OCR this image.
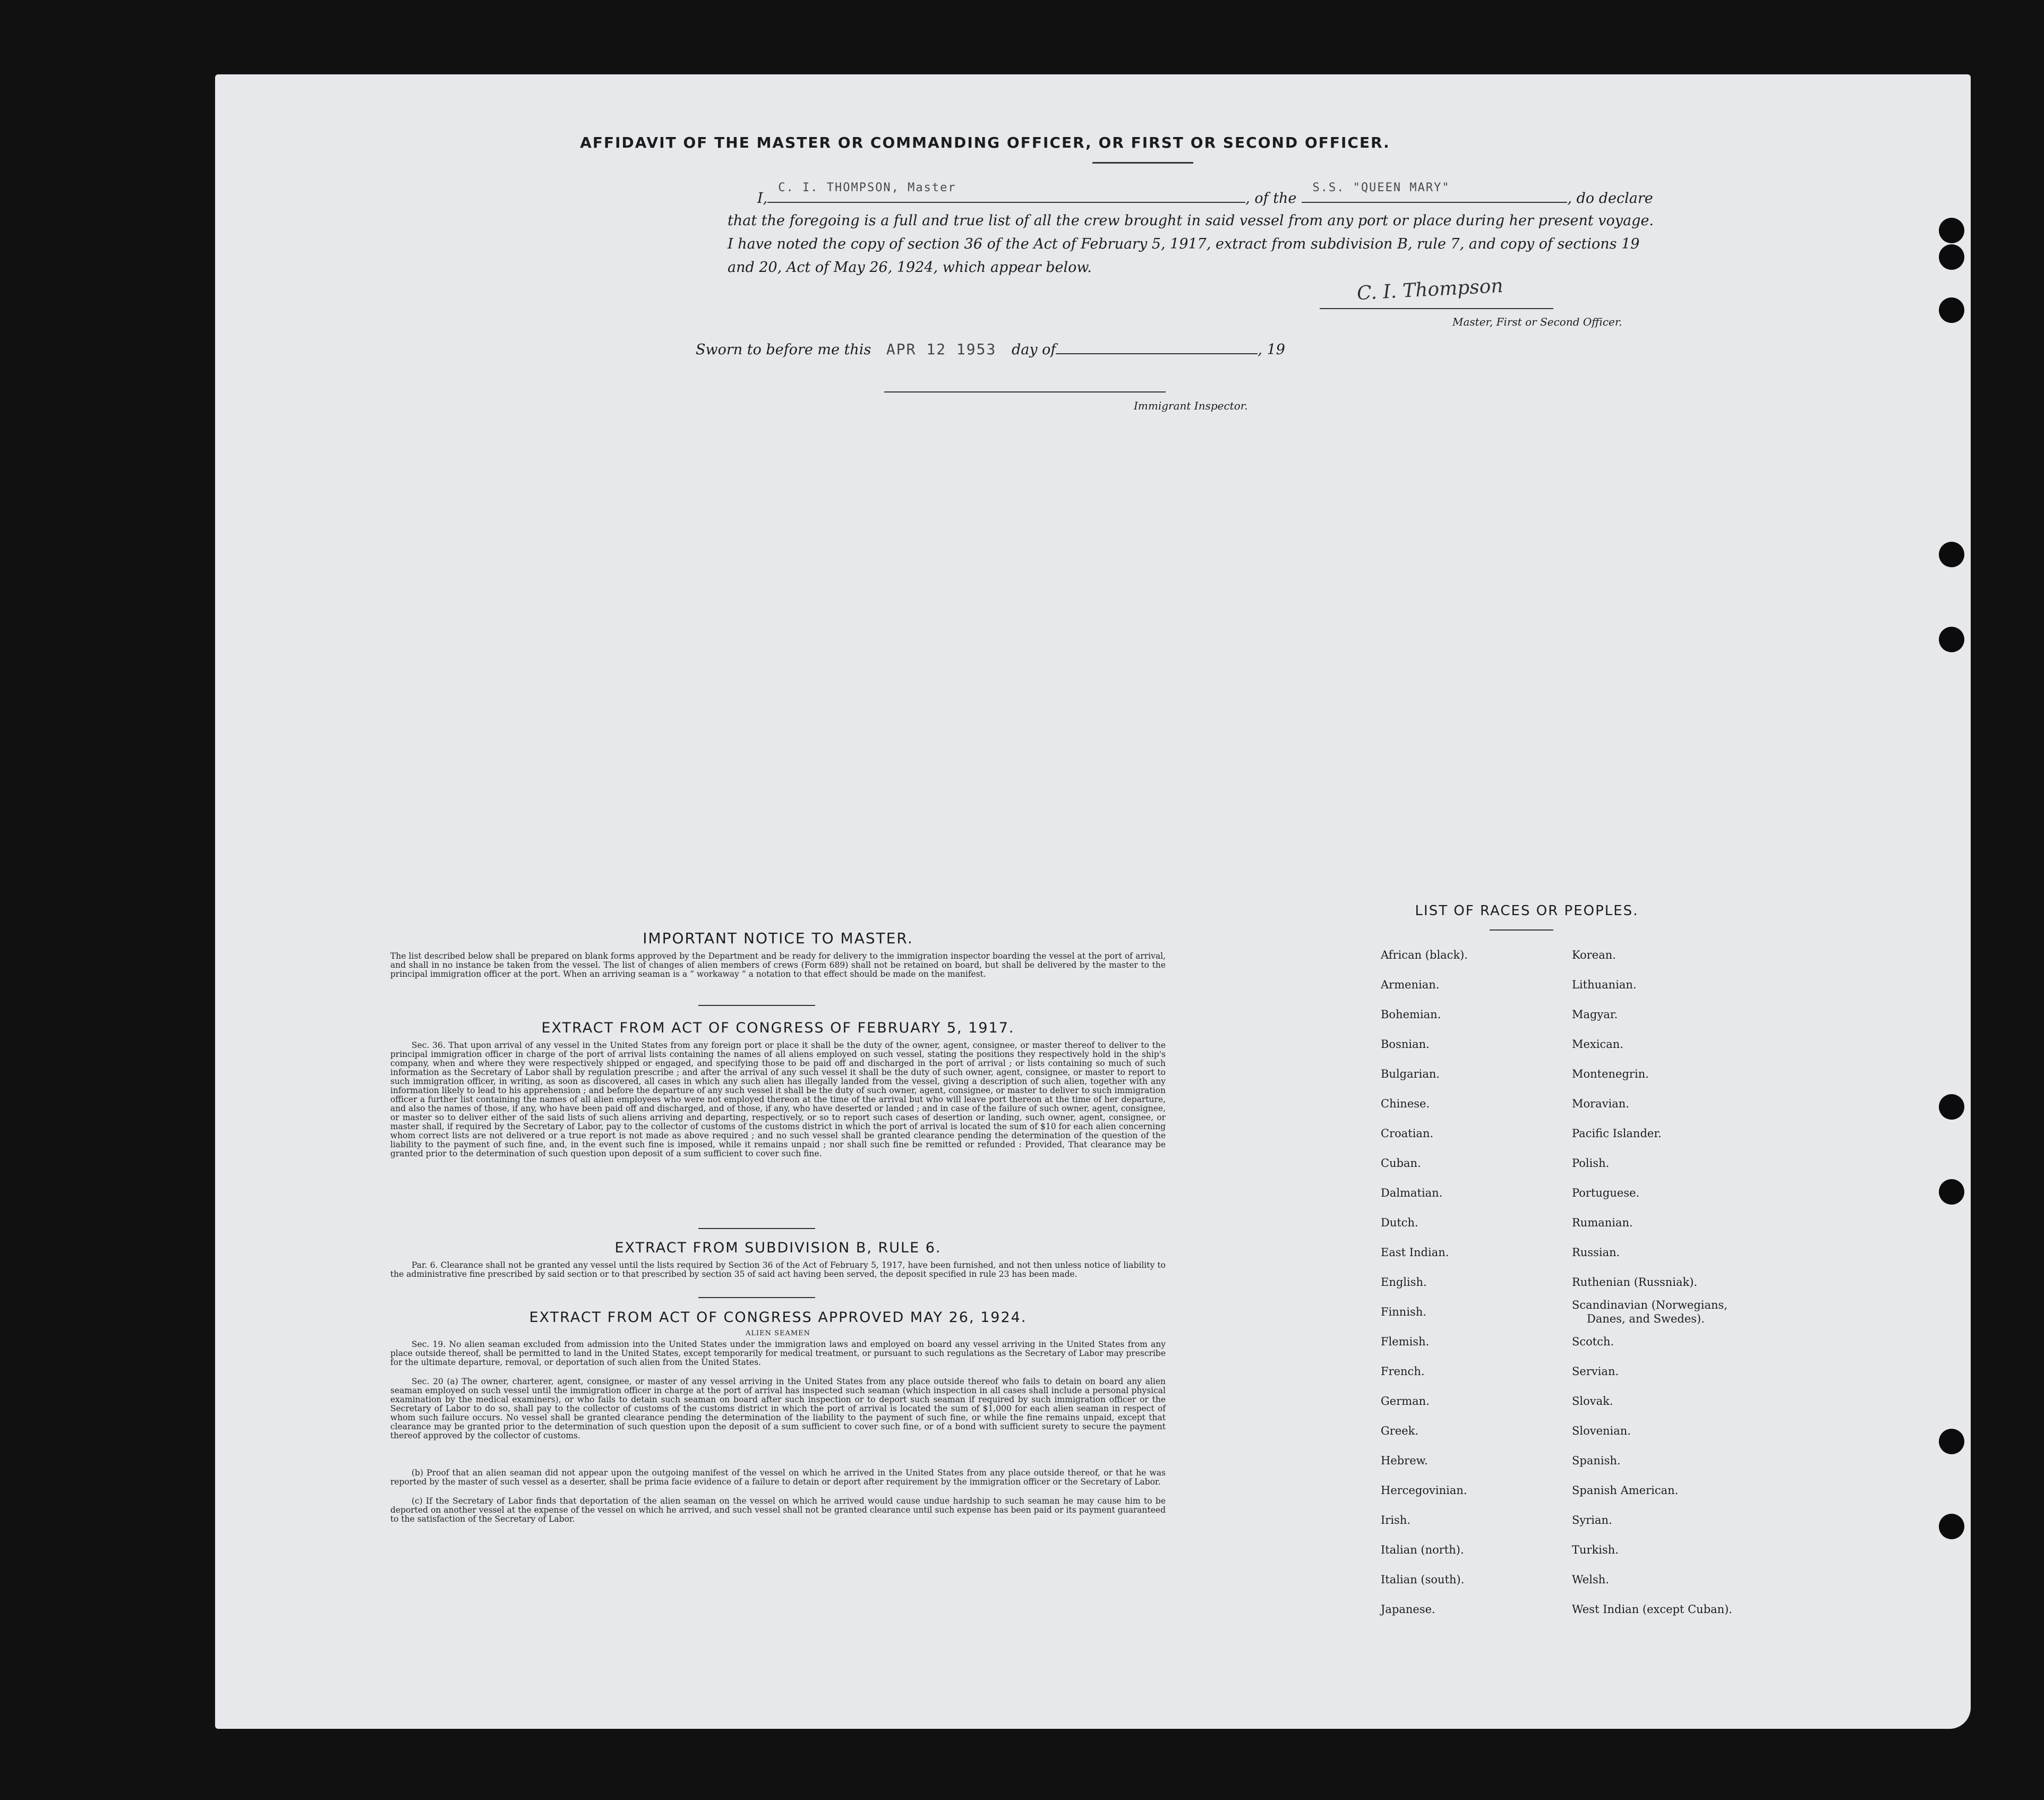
AFFIDAVIT OF THE MASTER OR COMMANDING OFFICER, OR FIRST OR SECOND OFFICER.
I,
C. I. THOMPSON, Master
, of the
S.S. "QUEEN MARY"
, do declare
that the foregoing is a full and true list of all the crew brought in said vessel from any port or place during her present voyage.
I have noted the copy of section 36 of the Act of February 5, 1917, extract from subdivision B, rule 7, and copy of sections 19
and 20, Act of May 26, 1924, which appear below.
C. I. Thompson
Master, First or Second Officer.
Sworn to before me this APR 12 1953 day of	, 19
Immigrant Inspector.
IMPORTANT NOTICE TO MASTER.
The list described below shall be prepared on blank forms approved by the Department and be ready for delivery to the immigration inspector boarding the vessel at the port of arrival, and shall in no instance be taken from the vessel. The list of changes of alien members of crews (Form 689) shall not be retained on board, but shall be delivered by the master to the principal immigration officer at the port. When an arriving seaman is a “ workaway ” a notation to that effect should be made on the manifest.
EXTRACT FROM ACT OF CONGRESS OF FEBRUARY 5, 1917.
Sec. 36. That upon arrival of any vessel in the United States from any foreign port or place it shall be the duty of the owner, agent, consignee, or master thereof to deliver to the principal immigration officer in charge of the port of arrival lists containing the names of all aliens employed on such vessel, stating the positions they respectively hold in the ship's company, when and where they were respectively shipped or engaged, and specifying those to be paid off and discharged in the port of arrival ; or lists containing so much of such information as the Secretary of Labor shall by regulation prescribe ; and after the arrival of any such vessel it shall be the duty of such owner, agent, consignee, or master to report to such immigration officer, in writing, as soon as discovered, all cases in which any such alien has illegally landed from the vessel, giving a description of such alien, together with any information likely to lead to his apprehension ; and before the departure of any such vessel it shall be the duty of such owner, agent, consignee, or master to deliver to such immigration officer a further list containing the names of all alien employees who were not employed thereon at the time of the arrival but who will leave port thereon at the time of her departure, and also the names of those, if any, who have been paid off and discharged, and of those, if any, who have deserted or landed ; and in case of the failure of such owner, agent, consignee, or master so to deliver either of the said lists of such aliens arriving and departing, respectively, or so to report such cases of desertion or landing, such owner, agent, consignee, or master shall, if required by the Secretary of Labor, pay to the collector of customs of the customs district in which the port of arrival is located the sum of $10 for each alien concerning whom correct lists are not delivered or a true report is not made as above required ; and no such vessel shall be granted clearance pending the determination of the question of the liability to the payment of such fine, and, in the event such fine is imposed, while it remains unpaid ; nor shall such fine be remitted or refunded : Provided, That clearance may be granted prior to the determination of such question upon deposit of a sum sufficient to cover such fine.
EXTRACT FROM SUBDIVISION B, RULE 6.
Par. 6. Clearance shall not be granted any vessel until the lists required by Section 36 of the Act of February 5, 1917, have been furnished, and not then unless notice of liability to the administrative fine prescribed by said section or to that prescribed by section 35 of said act having been served, the deposit specified in rule 23 has been made.
EXTRACT FROM ACT OF CONGRESS APPROVED MAY 26, 1924.
ALIEN SEAMEN
Sec. 19. No alien seaman excluded from admission into the United States under the immigration laws and employed on board any vessel arriving in the United States from any place outside thereof, shall be permitted to land in the United States, except temporarily for medical treatment, or pursuant to such regulations as the Secretary of Labor may prescribe for the ultimate departure, removal, or deportation of such alien from the United States.
Sec. 20 (a) The owner, charterer, agent, consignee, or master of any vessel arriving in the United States from any place outside thereof who fails to detain on board any alien seaman employed on such vessel until the immigration officer in charge at the port of arrival has inspected such seaman (which inspection in all cases shall include a personal physical examination by the medical examiners), or who fails to detain such seaman on board after such inspection or to deport such seaman if required by such immigration officer or the Secretary of Labor to do so, shall pay to the collector of customs of the customs district in which the port of arrival is located the sum of $1,000 for each alien seaman in respect of whom such failure occurs. No vessel shall be granted clearance pending the determination of the liability to the payment of such fine, or while the fine remains unpaid, except that clearance may be granted prior to the determination of such question upon the deposit of a sum sufficient to cover such fine, or of a bond with sufficient surety to secure the payment thereof approved by the collector of customs.
(b) Proof that an alien seaman did not appear upon the outgoing manifest of the vessel on which he arrived in the United States from any place outside thereof, or that he was reported by the master of such vessel as a deserter, shall be prima facie evidence of a failure to detain or deport after requirement by the immigration officer or the Secretary of Labor.
(c) If the Secretary of Labor finds that deportation of the alien seaman on the vessel on which he arrived would cause undue hardship to such seaman he may cause him to be deported on another vessel at the expense of the vessel on which he arrived, and such vessel shall not be granted clearance until such expense has been paid or its payment guaranteed to the satisfaction of the Secretary of Labor.
LIST OF RACES OR PEOPLES.
African (black).
Armenian.
Bohemian.
Bosnian.
Bulgarian.
Chinese.
Croatian.
Cuban.
Dalmatian.
Dutch.
East Indian.
English.
Finnish.
Flemish.
French.
German.
Greek.
Hebrew.
Hercegovinian.
Irish.
Italian (north).
Italian (south).
Japanese.
Korean.
Lithuanian.
Magyar.
Mexican.
Montenegrin.
Moravian.
Pacific Islander.
Polish.
Portuguese.
Rumanian.
Russian.
Ruthenian (Russniak).
Scandinavian (Norwegians,
Danes, and Swedes).
Scotch.
Servian.
Slovak.
Slovenian.
Spanish.
Spanish American.
Syrian.
Turkish.
Welsh.
West Indian (except Cuban).
